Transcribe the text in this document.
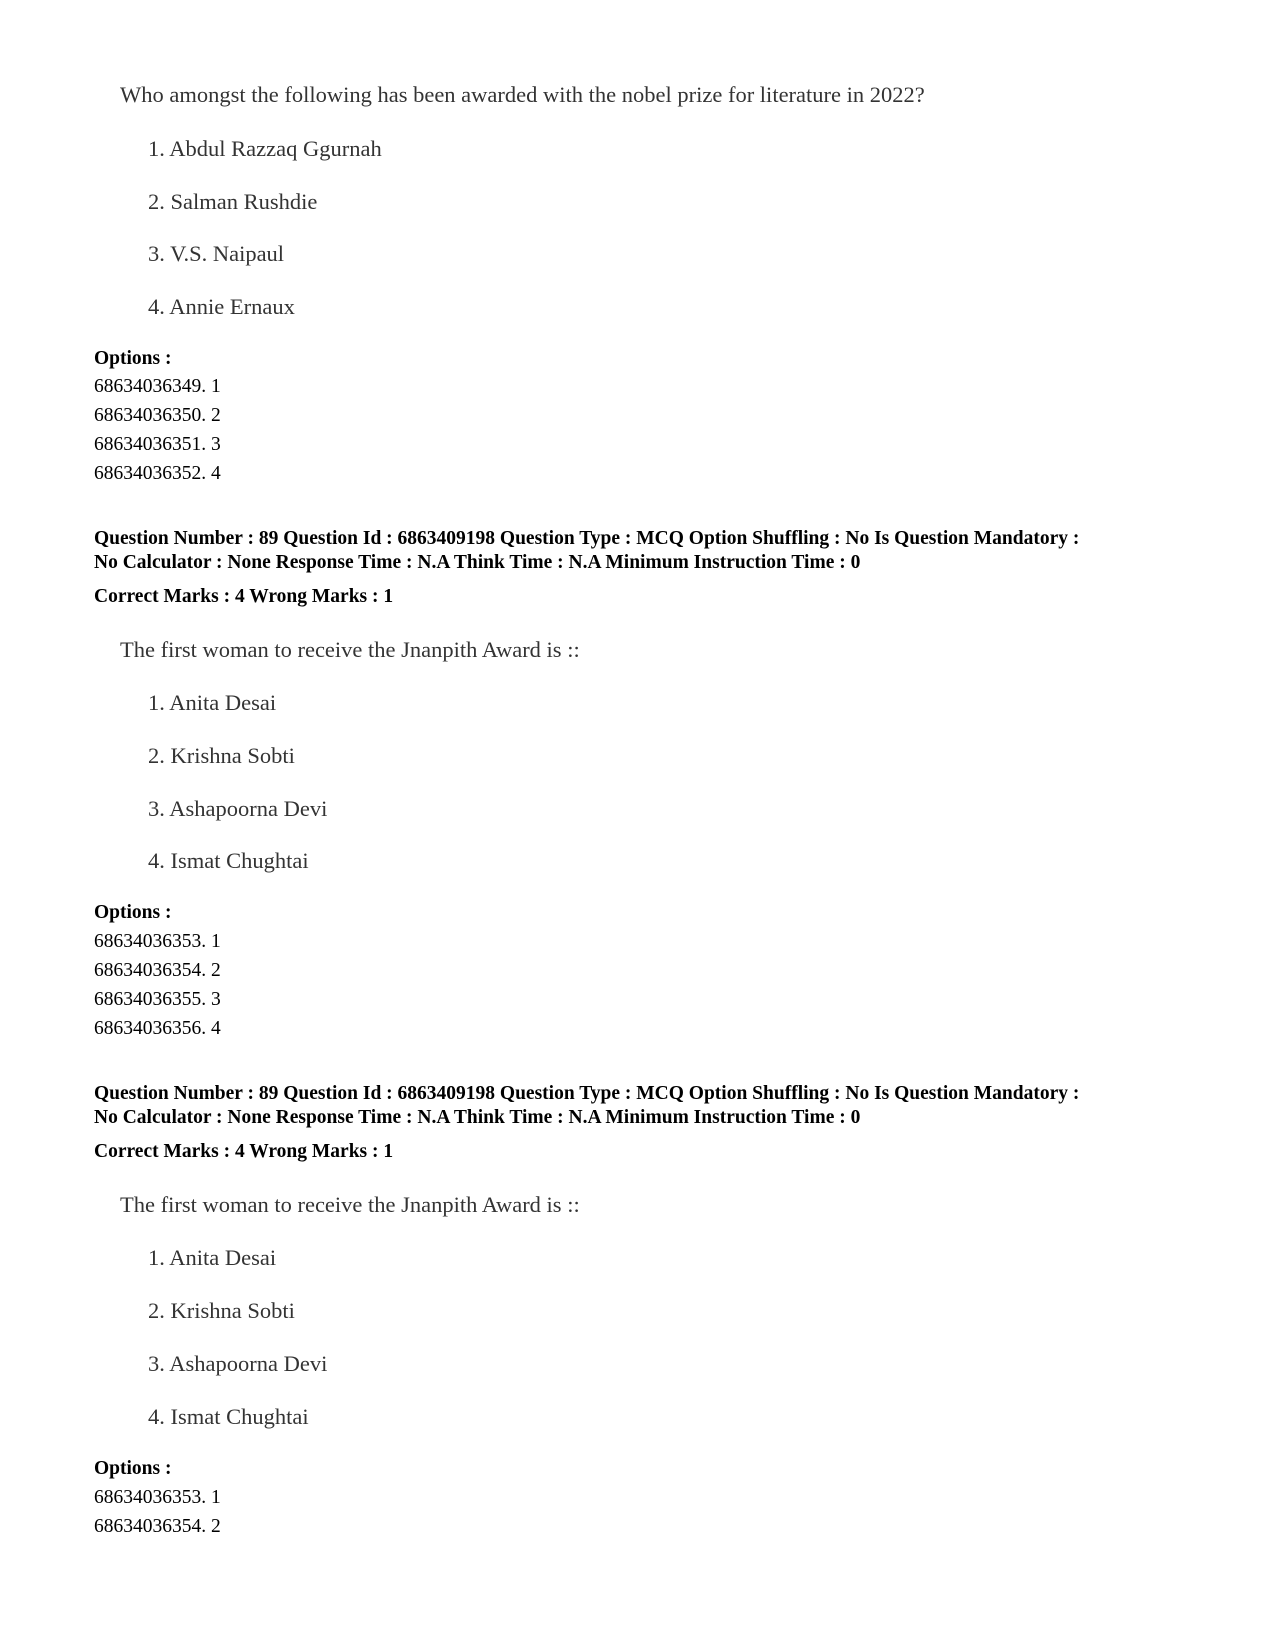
Who amongst the following has been awarded with the nobel prize for literature in 2022?
1. Abdul Razzaq Ggurnah
2. Salman Rushdie
3. V.S. Naipaul
4. Annie Ernaux
Options :
68634036349. 1
68634036350. 2
68634036351. 3
68634036352. 4
Question Number : 89 Question Id : 6863409198 Question Type : MCQ Option Shuffling : No Is Question Mandatory :
No Calculator : None Response Time : N.A Think Time : N.A Minimum Instruction Time : 0
Correct Marks : 4 Wrong Marks : 1
The first woman to receive the Jnanpith Award is ::
1. Anita Desai
2. Krishna Sobti
3. Ashapoorna Devi
4. Ismat Chughtai
Options :
68634036353. 1
68634036354. 2
68634036355. 3
68634036356. 4
Question Number : 89 Question Id : 6863409198 Question Type : MCQ Option Shuffling : No Is Question Mandatory :
No Calculator : None Response Time : N.A Think Time : N.A Minimum Instruction Time : 0
Correct Marks : 4 Wrong Marks : 1
The first woman to receive the Jnanpith Award is ::
1. Anita Desai
2. Krishna Sobti
3. Ashapoorna Devi
4. Ismat Chughtai
Options :
68634036353. 1
68634036354. 2
